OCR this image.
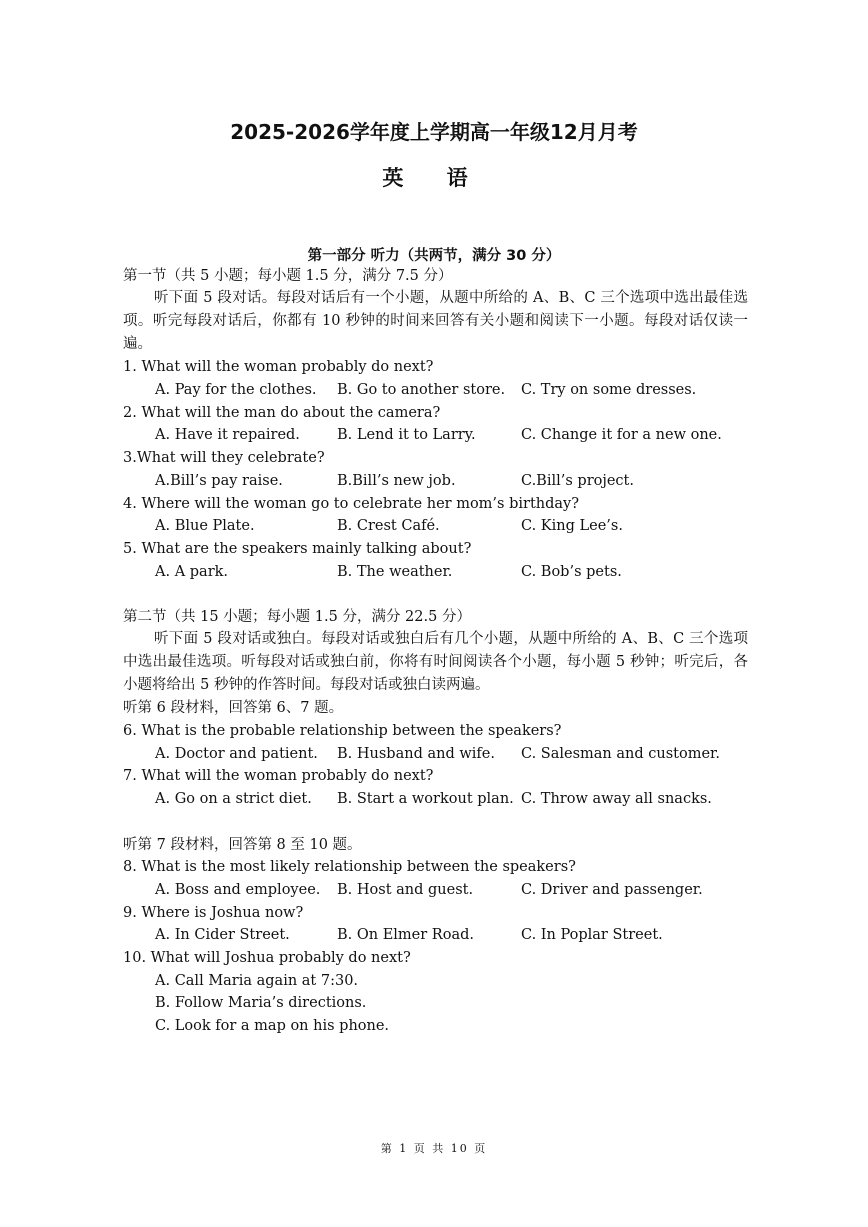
2025-2026学年度上学期高一年级12月月考
英 语
第一部分 听力（共两节，满分 30 分）
第一节（共 5 小题；每小题 1.5 分，满分 7.5 分）

听下面 5 段对话。每段对话后有一个小题，从题中所给的 A、B、C 三个选项中选出最佳选项。听完每段对话后，你都有 10 秒钟的时间来回答有关小题和阅读下一小题。每段对话仅读一遍。

1. What will the woman probably do next?
A. Pay for the clothes. B. Go to another store. C. Try on some dresses.
2. What will the man do about the camera?
A. Have it repaired.	B. Lend it to Larry.	C. Change it for a new one.
3.What will they celebrate?
A.Bill’s pay raise.	B.Bill’s new job.	C.Bill’s project.
4. Where will the woman go to celebrate her mom’s birthday?
A. Blue Plate.	B. Crest Café.	C. King Lee’s.
5. What are the speakers mainly talking about?
A. A park.	B. The weather.	C. Bob’s pets.
第二节（共 15 小题；每小题 1.5 分，满分 22.5 分）

听下面 5 段对话或独白。每段对话或独白后有几个小题，从题中所给的 A、B、C 三个选项中选出最佳选项。听每段对话或独白前，你将有时间阅读各个小题，每小题 5 秒钟；听完后，各小题将给出 5 秒钟的作答时间。每段对话或独白读两遍。

听第 6 段材料，回答第 6、7 题。
6. What is the probable relationship between the speakers?
A. Doctor and patient. B. Husband and wife. C. Salesman and customer.
7. What will the woman probably do next?
A. Go on a strict diet. B. Start a workout plan. C. Throw away all snacks.
听第 7 段材料，回答第 8 至 10 题。
8. What is the most likely relationship between the speakers?
A. Boss and employee. B. Host and guest.	C. Driver and passenger.
9. Where is Joshua now?
A. In Cider Street.	B. On Elmer Road.	C. In Poplar Street.
10. What will Joshua probably do next?
A. Call Maria again at 7:30.
B. Follow Maria’s directions.
C. Look for a map on his phone.
第 1 页 共 10 页
